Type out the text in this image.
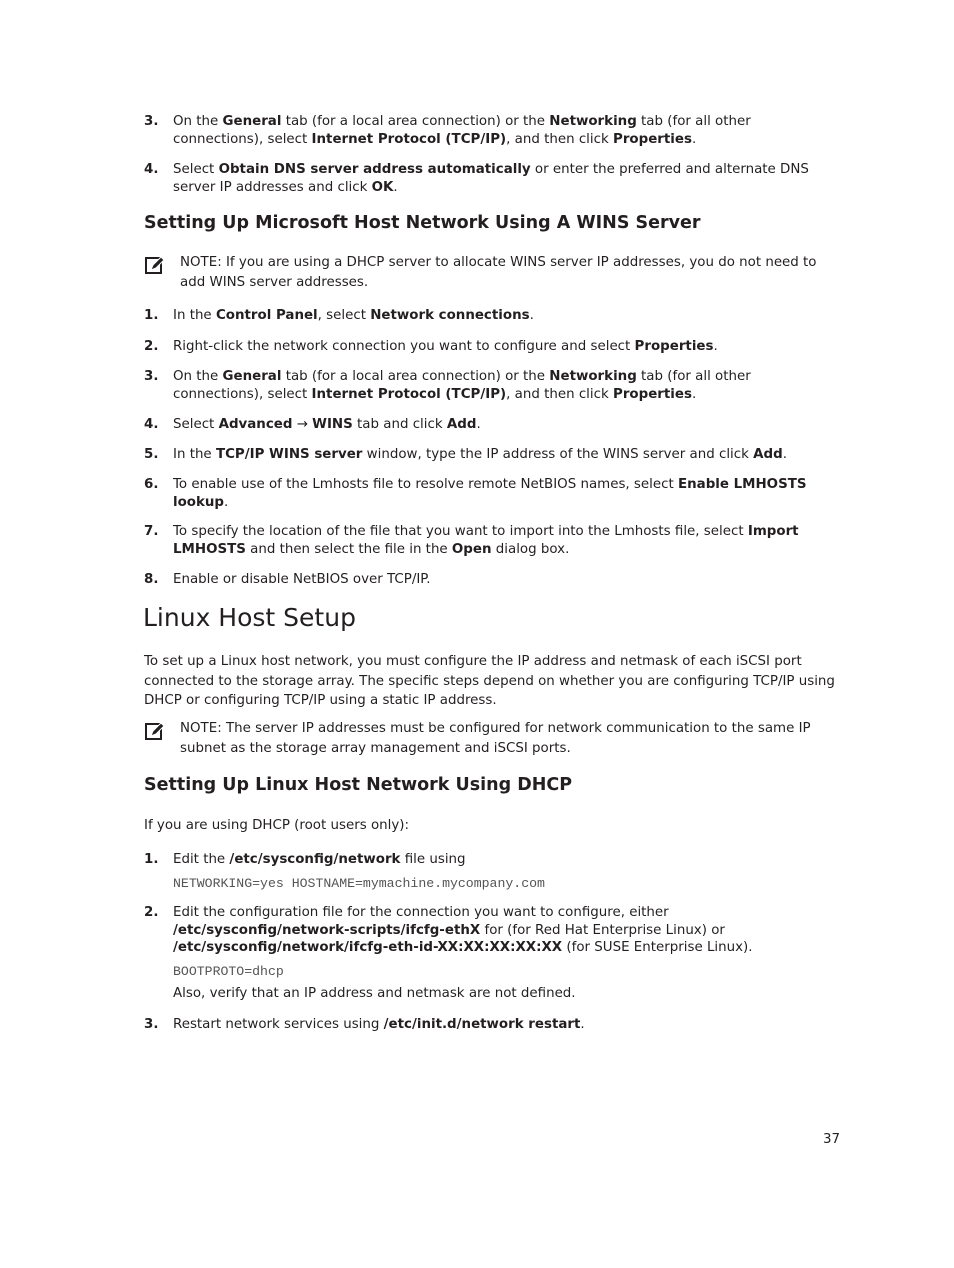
3. On the General tab (for a local area connection) or the Networking tab (for all other connections), select Internet Protocol (TCP/IP), and then click Properties.
4. Select Obtain DNS server address automatically or enter the preferred and alternate DNS server IP addresses and click OK.
Setting Up Microsoft Host Network Using A WINS Server
NOTE: If you are using a DHCP server to allocate WINS server IP addresses, you do not need to add WINS server addresses.
1. In the Control Panel, select Network connections.
2. Right-click the network connection you want to configure and select Properties.
3. On the General tab (for a local area connection) or the Networking tab (for all other connections), select Internet Protocol (TCP/IP), and then click Properties.
4. Select Advanced → WINS tab and click Add.
5. In the TCP/IP WINS server window, type the IP address of the WINS server and click Add.
6. To enable use of the Lmhosts file to resolve remote NetBIOS names, select Enable LMHOSTS lookup.
7. To specify the location of the file that you want to import into the Lmhosts file, select Import LMHOSTS and then select the file in the Open dialog box.
8. Enable or disable NetBIOS over TCP/IP.
Linux Host Setup
To set up a Linux host network, you must configure the IP address and netmask of each iSCSI port connected to the storage array. The specific steps depend on whether you are configuring TCP/IP using DHCP or configuring TCP/IP using a static IP address.
NOTE: The server IP addresses must be configured for network communication to the same IP subnet as the storage array management and iSCSI ports.
Setting Up Linux Host Network Using DHCP
If you are using DHCP (root users only):
1. Edit the /etc/sysconfig/network file using
NETWORKING=yes HOSTNAME=mymachine.mycompany.com
2. Edit the configuration file for the connection you want to configure, either /etc/sysconfig/network-scripts/ifcfg-ethX for (for Red Hat Enterprise Linux) or /etc/sysconfig/network/ifcfg-eth-id-XX:XX:XX:XX:XX (for SUSE Enterprise Linux).
BOOTPROTO=dhcp
Also, verify that an IP address and netmask are not defined.
3. Restart network services using /etc/init.d/network restart.
37
